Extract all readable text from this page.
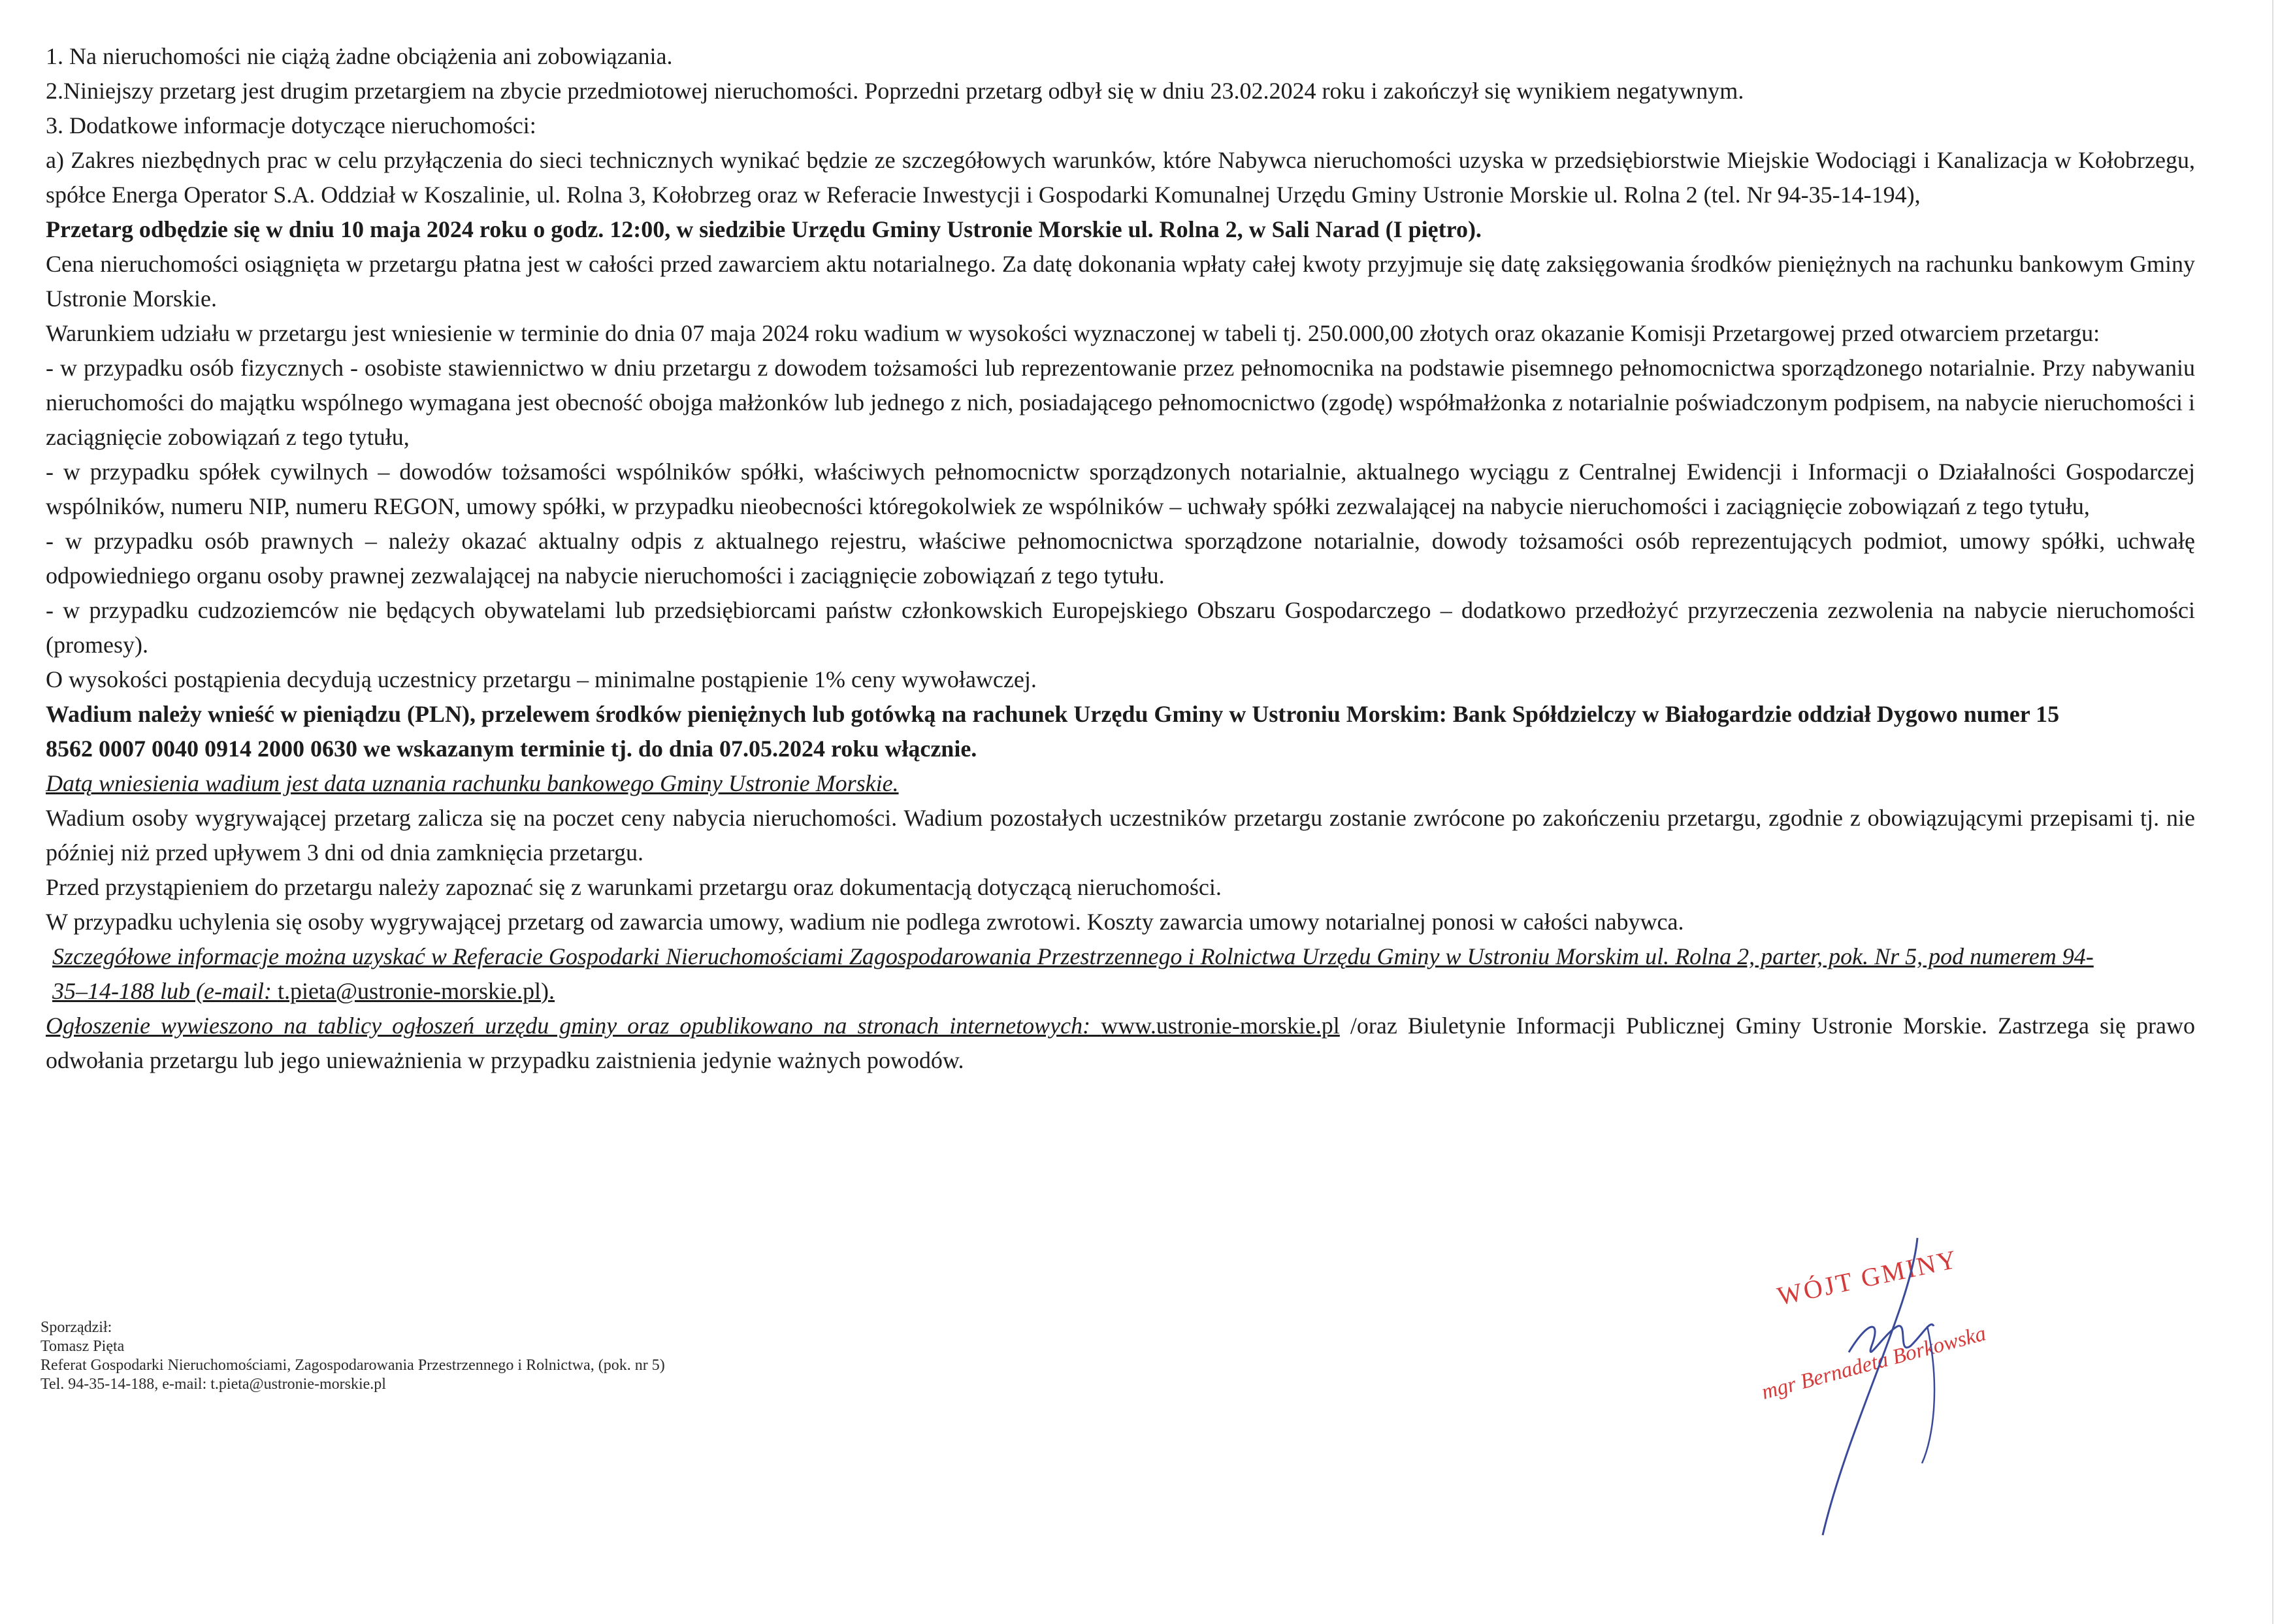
1. Na nieruchomości nie ciążą żadne obciążenia ani zobowiązania.

2.Niniejszy przetarg jest drugim przetargiem na zbycie przedmiotowej nieruchomości. Poprzedni przetarg odbył się w dniu 23.02.2024 roku i zakończył się wynikiem negatywnym.

3. Dodatkowe informacje dotyczące nieruchomości:

a) Zakres niezbędnych prac w celu przyłączenia do sieci technicznych wynikać będzie ze szczegółowych warunków, które Nabywca nieruchomości uzyska w przedsiębiorstwie Miejskie Wodociągi i Kanalizacja w Kołobrzegu, spółce Energa Operator S.A. Oddział w Koszalinie, ul. Rolna 3, Kołobrzeg oraz w Referacie Inwestycji i Gospodarki Komunalnej Urzędu Gminy Ustronie Morskie ul. Rolna 2 (tel. Nr 94-35-14-194),

Przetarg odbędzie się w dniu 10 maja 2024 roku o godz. 12:00, w siedzibie Urzędu Gminy Ustronie Morskie ul. Rolna 2, w Sali Narad (I piętro).

Cena nieruchomości osiągnięta w przetargu płatna jest w całości przed zawarciem aktu notarialnego. Za datę dokonania wpłaty całej kwoty przyjmuje się datę zaksięgowania środków pieniężnych na rachunku bankowym Gminy Ustronie Morskie.

Warunkiem udziału w przetargu jest wniesienie w terminie do dnia 07 maja 2024 roku wadium w wysokości wyznaczonej w tabeli tj. 250.000,00 złotych oraz okazanie Komisji Przetargowej przed otwarciem przetargu:

- w przypadku osób fizycznych - osobiste stawiennictwo w dniu przetargu z dowodem tożsamości lub reprezentowanie przez pełnomocnika na podstawie pisemnego pełnomocnictwa sporządzonego notarialnie. Przy nabywaniu nieruchomości do majątku wspólnego wymagana jest obecność obojga małżonków lub jednego z nich, posiadającego pełnomocnictwo (zgodę) współmałżonka z notarialnie poświadczonym podpisem, na nabycie nieruchomości i zaciągnięcie zobowiązań z tego tytułu,

- w przypadku spółek cywilnych – dowodów tożsamości wspólników spółki, właściwych pełnomocnictw sporządzonych notarialnie, aktualnego wyciągu z Centralnej Ewidencji i Informacji o Działalności Gospodarczej wspólników, numeru NIP, numeru REGON, umowy spółki, w przypadku nieobecności któregokolwiek ze wspólników – uchwały spółki zezwalającej na nabycie nieruchomości i zaciągnięcie zobowiązań z tego tytułu,

- w przypadku osób prawnych – należy okazać aktualny odpis z aktualnego rejestru, właściwe pełnomocnictwa sporządzone notarialnie, dowody tożsamości osób reprezentujących podmiot, umowy spółki, uchwałę odpowiedniego organu osoby prawnej zezwalającej na nabycie nieruchomości i zaciągnięcie zobowiązań z tego tytułu.

- w przypadku cudzoziemców nie będących obywatelami lub przedsiębiorcami państw członkowskich Europejskiego Obszaru Gospodarczego – dodatkowo przedłożyć przyrzeczenia zezwolenia na nabycie nieruchomości (promesy).

O wysokości postąpienia decydują uczestnicy przetargu – minimalne postąpienie 1% ceny wywoławczej.

Wadium należy wnieść w pieniądzu (PLN), przelewem środków pieniężnych lub gotówką na rachunek Urzędu Gminy w Ustroniu Morskim: Bank Spółdzielczy w Białogardzie oddział Dygowo numer 15 8562 0007 0040 0914 2000 0630 we wskazanym terminie tj. do dnia 07.05.2024 roku włącznie.

Datą wniesienia wadium jest data uznania rachunku bankowego Gminy Ustronie Morskie.

Wadium osoby wygrywającej przetarg zalicza się na poczet ceny nabycia nieruchomości. Wadium pozostałych uczestników przetargu zostanie zwrócone po zakończeniu przetargu, zgodnie z obowiązującymi przepisami tj. nie później niż przed upływem 3 dni od dnia zamknięcia przetargu.

Przed przystąpieniem do przetargu należy zapoznać się z warunkami przetargu oraz dokumentacją dotyczącą nieruchomości.

W przypadku uchylenia się osoby wygrywającej przetarg od zawarcia umowy, wadium nie podlega zwrotowi. Koszty zawarcia umowy notarialnej ponosi w całości nabywca.

Szczegółowe informacje można uzyskać w Referacie Gospodarki Nieruchomościami Zagospodarowania Przestrzennego i Rolnictwa Urzędu Gminy w Ustroniu Morskim ul. Rolna 2, parter, pok. Nr 5, pod numerem 94-35–14-188 lub (e-mail: t.pieta@ustronie-morskie.pl).

Ogłoszenie wywieszono na tablicy ogłoszeń urzędu gminy oraz opublikowano na stronach internetowych: www.ustronie-morskie.pl /oraz Biuletynie Informacji Publicznej Gminy Ustronie Morskie. Zastrzega się prawo odwołania przetargu lub jego unieważnienia w przypadku zaistnienia jedynie ważnych powodów.

Sporządził:

Tomasz Pięta

Referat Gospodarki Nieruchomościami, Zagospodarowania Przestrzennego i Rolnictwa, (pok. nr 5)

Tel. 94-35-14-188, e-mail: t.pieta@ustronie-morskie.pl

WÓJT GMINY
mgr Bernadeta Borkowska
